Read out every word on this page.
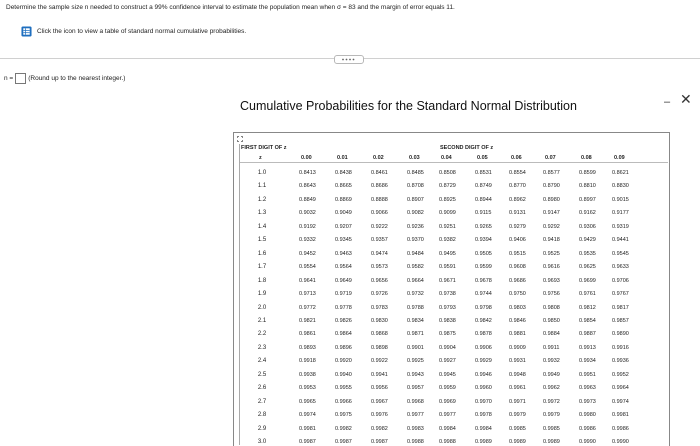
Determine the sample size n needed to construct a 99% confidence interval to estimate the population mean when σ = 83 and the margin of error equals 11.
Click the icon to view a table of standard normal cumulative probabilities.
n = (Round up to the nearest integer.)
Cumulative Probabilities for the Standard Normal Distribution	– ✕
FIRST DIGIT OF z	SECOND DIGIT OF z
z	0.00	0.01	0.02	0.03	0.04	0.05	0.06	0.07	0.08	0.09
1.0	0.8413	0.8438	0.8461	0.8485	0.8508	0.8531	0.8554	0.8577	0.8599	0.8621
1.1	0.8643	0.8665	0.8686	0.8708	0.8729	0.8749	0.8770	0.8790	0.8810	0.8830
1.2	0.8849	0.8869	0.8888	0.8907	0.8925	0.8944	0.8962	0.8980	0.8997	0.9015
1.3	0.9032	0.9049	0.9066	0.9082	0.9099	0.9115	0.9131	0.9147	0.9162	0.9177
1.4	0.9192	0.9207	0.9222	0.9236	0.9251	0.9265	0.9279	0.9292	0.9306	0.9319
1.5	0.9332	0.9345	0.9357	0.9370	0.9382	0.9394	0.9406	0.9418	0.9429	0.9441
1.6	0.9452	0.9463	0.9474	0.9484	0.9495	0.9505	0.9515	0.9525	0.9535	0.9545
1.7	0.9554	0.9564	0.9573	0.9582	0.9591	0.9599	0.9608	0.9616	0.9625	0.9633
1.8	0.9641	0.9649	0.9656	0.9664	0.9671	0.9678	0.9686	0.9693	0.9699	0.9706
1.9	0.9713	0.9719	0.9726	0.9732	0.9738	0.9744	0.9750	0.9756	0.9761	0.9767
2.0	0.9772	0.9778	0.9783	0.9788	0.9793	0.9798	0.9803	0.9808	0.9812	0.9817
2.1	0.9821	0.9826	0.9830	0.9834	0.9838	0.9842	0.9846	0.9850	0.9854	0.9857
2.2	0.9861	0.9864	0.9868	0.9871	0.9875	0.9878	0.9881	0.9884	0.9887	0.9890
2.3	0.9893	0.9896	0.9898	0.9901	0.9904	0.9906	0.9909	0.9911	0.9913	0.9916
2.4	0.9918	0.9920	0.9922	0.9925	0.9927	0.9929	0.9931	0.9932	0.9934	0.9936
2.5	0.9938	0.9940	0.9941	0.9943	0.9945	0.9946	0.9948	0.9949	0.9951	0.9952
2.6	0.9953	0.9955	0.9956	0.9957	0.9959	0.9960	0.9961	0.9962	0.9963	0.9964
2.7	0.9965	0.9966	0.9967	0.9968	0.9969	0.9970	0.9971	0.9972	0.9973	0.9974
2.8	0.9974	0.9975	0.9976	0.9977	0.9977	0.9978	0.9979	0.9979	0.9980	0.9981
2.9	0.9981	0.9982	0.9982	0.9983	0.9984	0.9984	0.9985	0.9985	0.9986	0.9986
3.0	0.9987	0.9987	0.9987	0.9988	0.9988	0.9989	0.9989	0.9989	0.9990	0.9990
